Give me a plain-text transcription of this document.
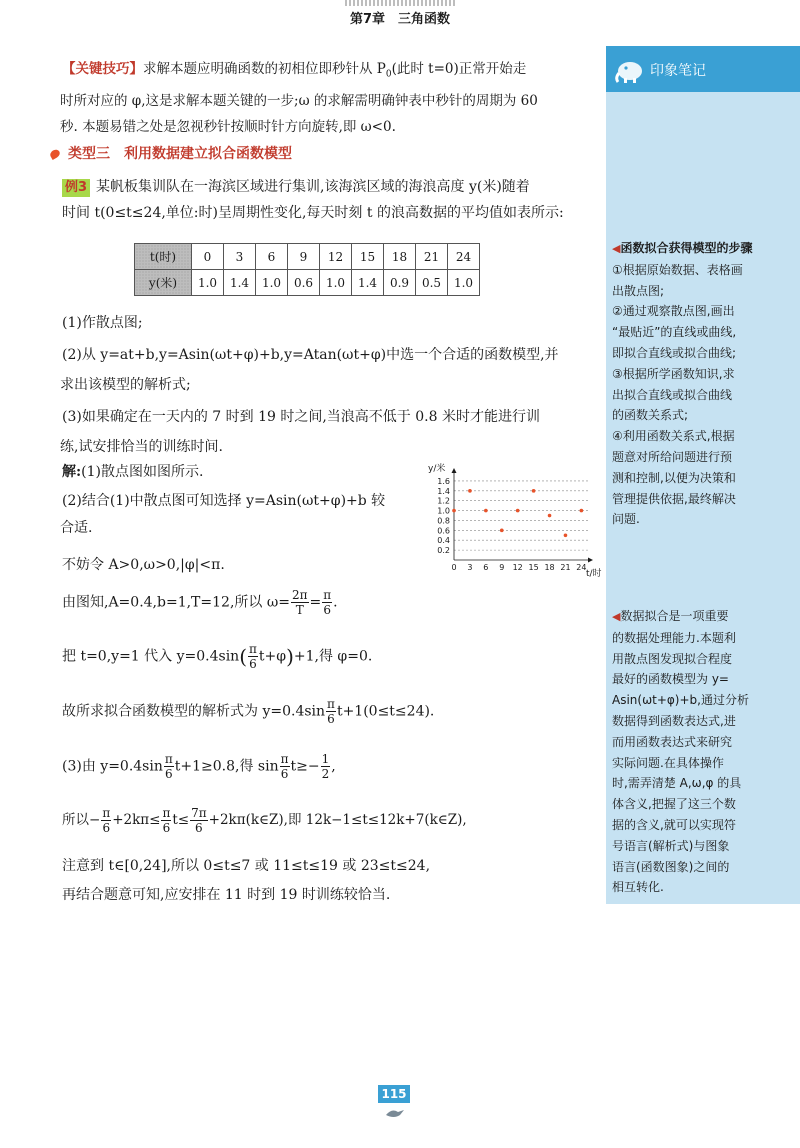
第7章　三角函数
【关键技巧】求解本题应明确函数的初相位即秒针从 $P_0$(此时 t=0)正常开始走
时所对应的 φ,这是求解本题关键的一步;ω 的求解需明确钟表中秒针的周期为 60
秒. 本题易错之处是忽视秒针按顺时针方向旋转,即 ω<0.
类型三　利用数据建立拟合函数模型
例3 某帆板集训队在一海滨区域进行集训,该海滨区域的海浪高度 y(米)随着
时间 t(0≤t≤24,单位:时)呈周期性变化,每天时刻 t 的浪高数据的平均值如表所示:
t(时)	0	3	6	9	12	15	18	21	24
y(米)	1.0	1.4	1.0	0.6	1.0	1.4	0.9	0.5	1.0
(1)作散点图;
(2)从 y=at+b,y=Asin(ωt+φ)+b,y=Atan(ωt+φ)中选一个合适的函数模型,并
求出该模型的解析式;
(3)如果确定在一天内的 7 时到 19 时之间,当浪高不低于 0.8 米时才能进行训
练,试安排恰当的训练时间.
解:(1)散点图如图所示.
(2)结合(1)中散点图可知选择 y=Asin(ωt+φ)+b 较
合适.
不妨令 A>0,ω>0,|φ|<π.
由图知,A=0.4,b=1,T=12,所以 $\omega= \frac{2\pi}{T} = \frac{\pi}{6}$ .
把 t=0,y=1 代入 $y=0.4\sin( \frac{\pi}{6} t+\varphi)+1$,得 φ=0.
故所求拟合函数模型的解析式为 $y=0.4\sin \frac{\pi}{6} t+1(0\le t\le 24)$.
(3)由 $y=0.4\sin \frac{\pi}{6} t+1\ge 0.8$,得 $\sin \frac{\pi}{6} t\ge- \frac{1}{2}$ ,
所以− $\frac{\pi}{6} +2k\pi\le \frac{\pi}{6} t\le \frac{7\pi}{6}$ +2kπ(k∈Z),即 12k−1≤t≤12k+7(k∈Z),
注意到 t∈[0,24],所以 0≤t≤7 或 11≤t≤19 或 23≤t≤24,
再结合题意可知,应安排在 11 时到 19 时训练较恰当.
0.2
0.4
0.6
0.8
1.0
1.2
1.4
1.6
0 3 6 9 12 15 18 21 24
y/米
t/时
印象笔记
◀函数拟合获得模型的步骤
①根据原始数据、表格画
出散点图;
②通过观察散点图,画出
“最贴近”的直线或曲线,
即拟合直线或拟合曲线;
③根据所学函数知识,求
出拟合直线或拟合曲线
的函数关系式;
④利用函数关系式,根据
题意对所给问题进行预
测和控制,以便为决策和
管理提供依据,最终解决
问题.
◀数据拟合是一项重要
的数据处理能力.本题利
用散点图发现拟合程度
最好的函数模型为 y=
Asin(ωt+φ)+b,通过分析
数据得到函数表达式,进
而用函数表达式来研究
实际问题.在具体操作
时,需弄清楚 A,ω,φ 的具
体含义,把握了这三个数
据的含义,就可以实现符
号语言(解析式)与图象
语言(函数图象)之间的
相互转化.
115
